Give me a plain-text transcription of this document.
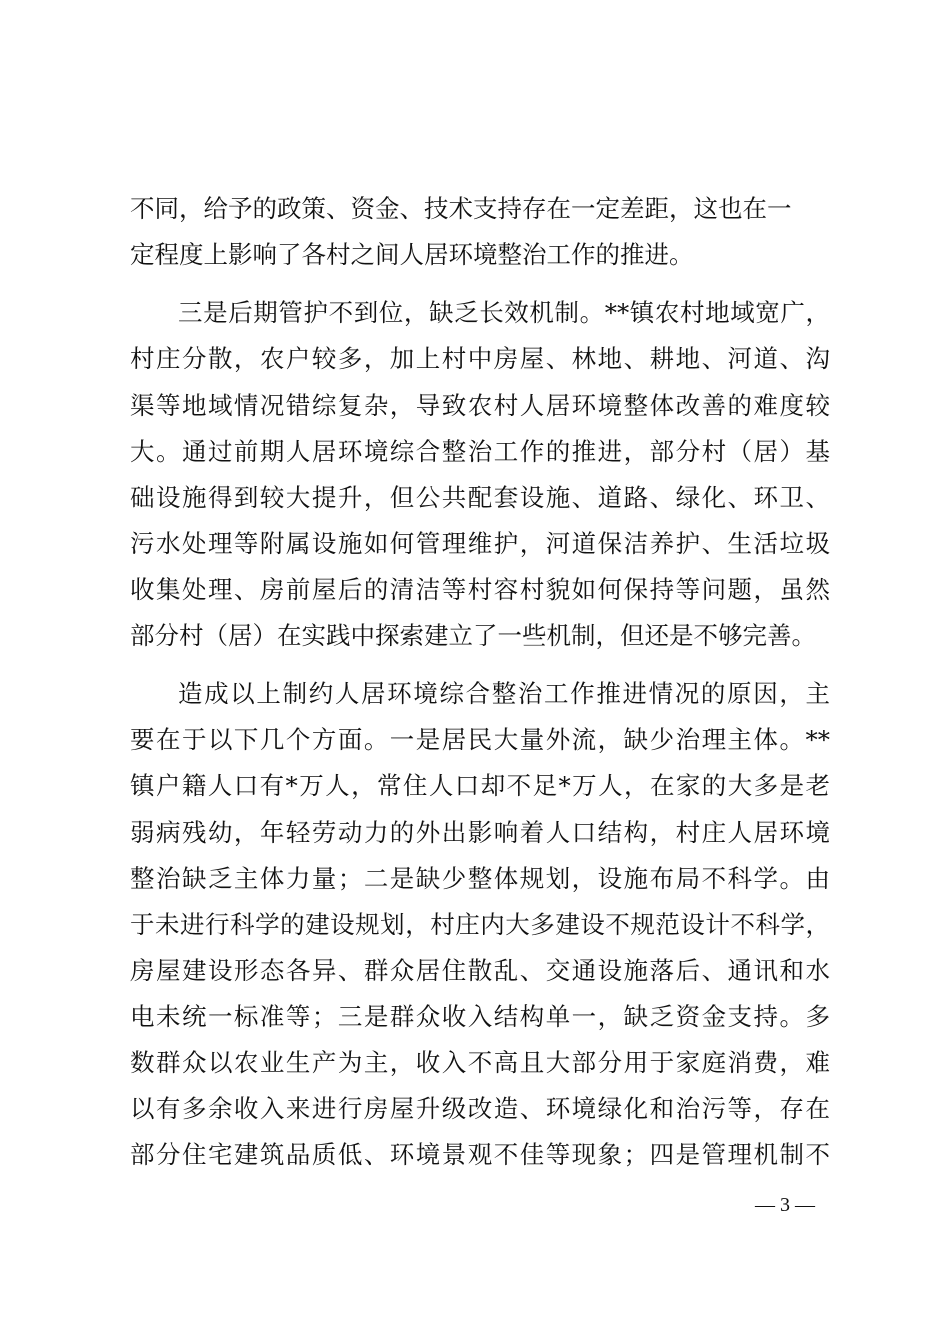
不同，给予的政策、资金、技术支持存在一定差距，这也在一
定程度上影响了各村之间人居环境整治工作的推进。
三是后期管护不到位，缺乏长效机制。**镇农村地域宽广，
村庄分散，农户较多，加上村中房屋、林地、耕地、河道、沟
渠等地域情况错综复杂，导致农村人居环境整体改善的难度较
大。通过前期人居环境综合整治工作的推进，部分村（居）基
础设施得到较大提升，但公共配套设施、道路、绿化、环卫、
污水处理等附属设施如何管理维护，河道保洁养护、生活垃圾
收集处理、房前屋后的清洁等村容村貌如何保持等问题，虽然
部分村（居）在实践中探索建立了一些机制，但还是不够完善。
造成以上制约人居环境综合整治工作推进情况的原因，主
要在于以下几个方面。一是居民大量外流，缺少治理主体。**
镇户籍人口有*万人，常住人口却不足*万人，在家的大多是老
弱病残幼，年轻劳动力的外出影响着人口结构，村庄人居环境
整治缺乏主体力量；二是缺少整体规划，设施布局不科学。由
于未进行科学的建设规划，村庄内大多建设不规范设计不科学，
房屋建设形态各异、群众居住散乱、交通设施落后、通讯和水
电未统一标准等；三是群众收入结构单一，缺乏资金支持。多
数群众以农业生产为主，收入不高且大部分用于家庭消费，难
以有多余收入来进行房屋升级改造、环境绿化和治污等，存在
部分住宅建筑品质低、环境景观不佳等现象；四是管理机制不
— 3 —
